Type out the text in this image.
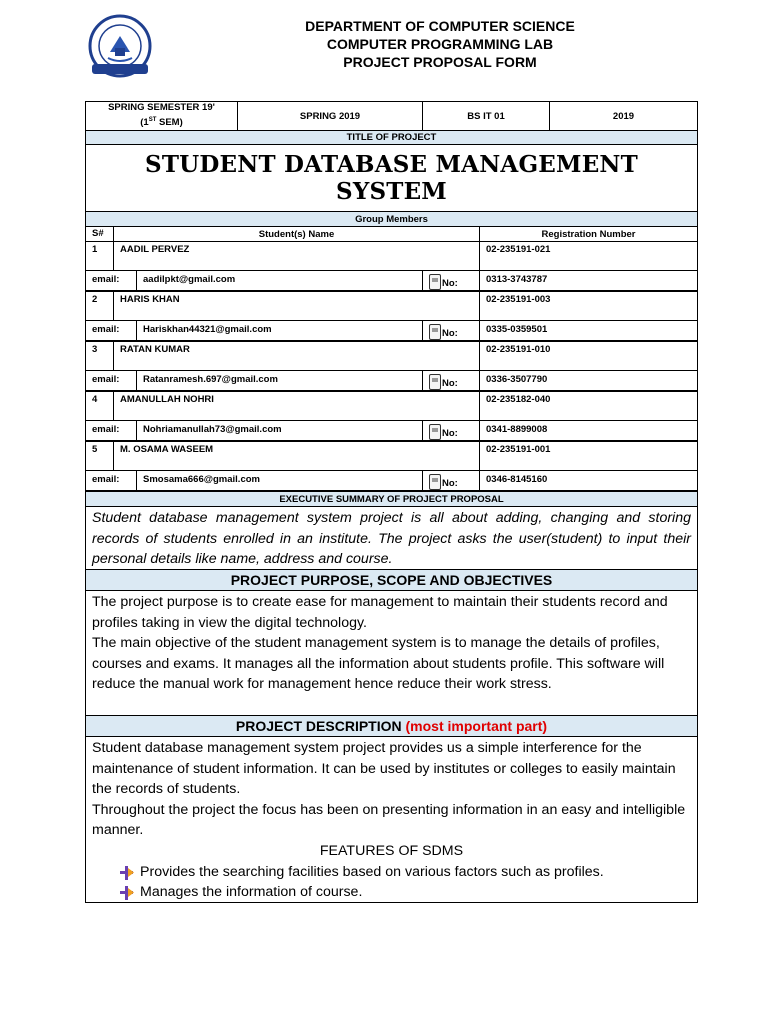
DEPARTMENT OF COMPUTER SCIENCE
COMPUTER PROGRAMMING LAB
PROJECT PROPOSAL FORM
SPRING SEMESTER 19'
(1ST SEM)
SPRING 2019	BS IT 01	2019
TITLE OF PROJECT
STUDENT DATABASE MANAGEMENT SYSTEM
Group Members
S#	Student(s) Name	Registration Number
1	AADIL PERVEZ	02-235191-021
email:	aadilpkt@gmail.com	No:	0313-3743787
2	HARIS KHAN	02-235191-003
email:	Hariskhan44321@gmail.com	No:	0335-0359501
3	RATAN KUMAR	02-235191-010
email:	Ratanramesh.697@gmail.com	No:	0336-3507790
4	AMANULLAH NOHRI	02-235182-040
email:	Nohriamanullah73@gmail.com	No:	0341-8899008
5	M. OSAMA WASEEM	02-235191-001
email:	Smosama666@gmail.com	No:	0346-8145160
EXECUTIVE SUMMARY OF PROJECT PROPOSAL
Student database management system project is all about adding, changing and storing records of students enrolled in an institute. The project asks the user(student) to input their personal details like name, address and course.
PROJECT PURPOSE, SCOPE AND OBJECTIVES
The project purpose is to create ease for management to maintain their students record and profiles taking in view the digital technology.
The main objective of the student management system is to manage the details of profiles, courses and exams. It manages all the information about students profile. This software will reduce the manual work for management hence reduce their work stress.
PROJECT DESCRIPTION
(most important part)
Student database management system project provides us a simple interference for the maintenance of student information. It can be used by institutes or colleges to easily maintain the records of students.
Throughout the project the focus has been on presenting information in an easy and intelligible manner.
FEATURES OF SDMS
Provides the searching facilities based on various factors such as profiles.
Manages the information of course.
